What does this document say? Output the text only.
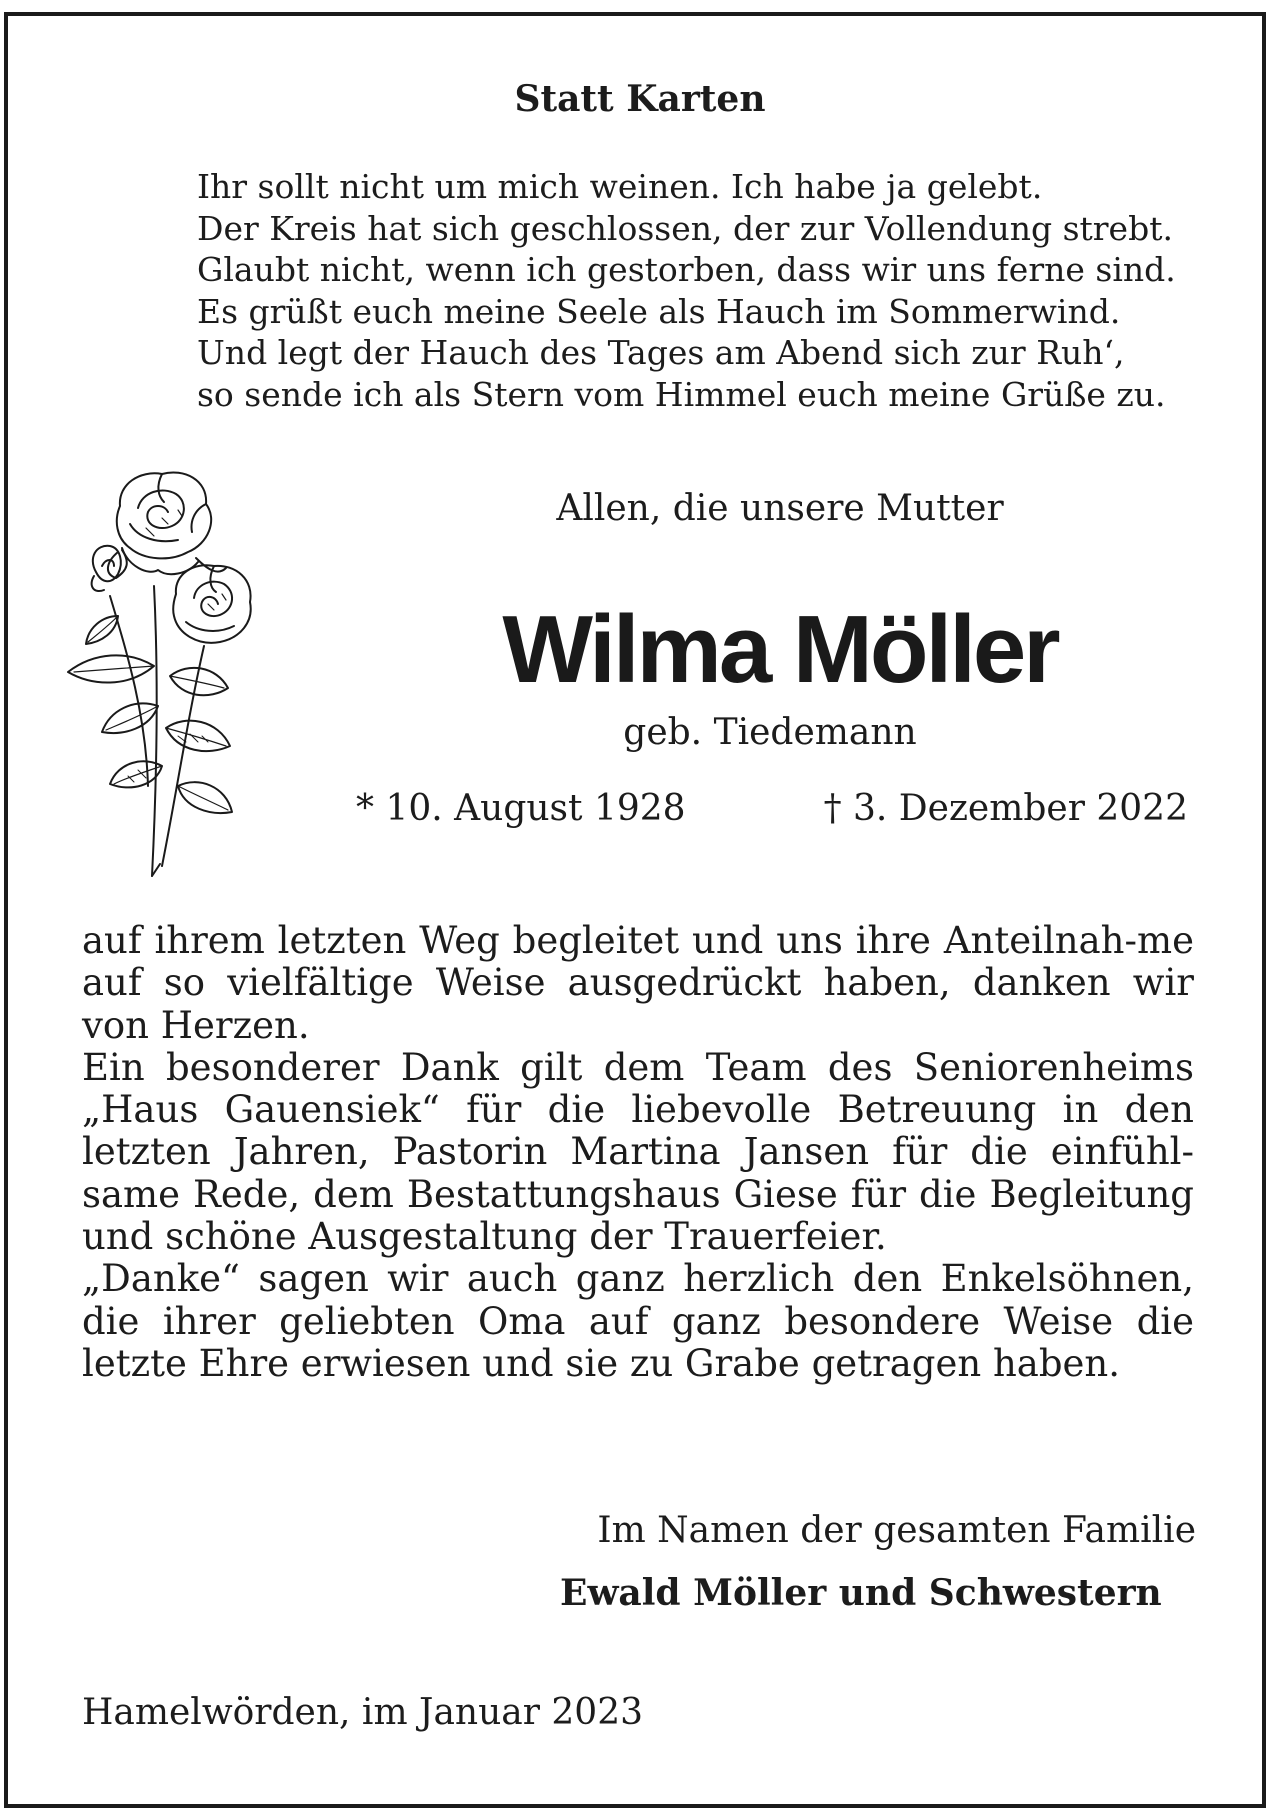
Statt Karten
Ihr sollt nicht um mich weinen. Ich habe ja gelebt.
Der Kreis hat sich geschlossen, der zur Vollendung strebt.
Glaubt nicht, wenn ich gestorben, dass wir uns ferne sind.
Es grüßt euch meine Seele als Hauch im Sommerwind.
Und legt der Hauch des Tages am Abend sich zur Ruh‘,
so sende ich als Stern vom Himmel euch meine Grüße zu.
Allen, die unsere Mutter
Wilma Möller
geb. Tiedemann
* 10. August 1928	† 3. Dezember 2022

auf ihrem letzten Weg begleitet und uns ihre Anteilnah-me auf so vielfältige Weise ausgedrückt haben, danken wir von Herzen.

Ein besonderer Dank gilt dem Team des Seniorenheims „Haus Gauensiek“ für die liebevolle Betreuung in den letzten Jahren, Pastorin Martina Jansen für die einfühlsame Rede, dem Bestattungshaus Giese für die Begleitung und schöne Ausgestaltung der Trauerfeier.

„Danke“ sagen wir auch ganz herzlich den Enkelsöhnen, die ihrer geliebten Oma auf ganz besondere Weise die letzte Ehre erwiesen und sie zu Grabe getragen haben.

Im Namen der gesamten Familie
Ewald Möller und Schwestern
Hamelwörden, im Januar 2023
